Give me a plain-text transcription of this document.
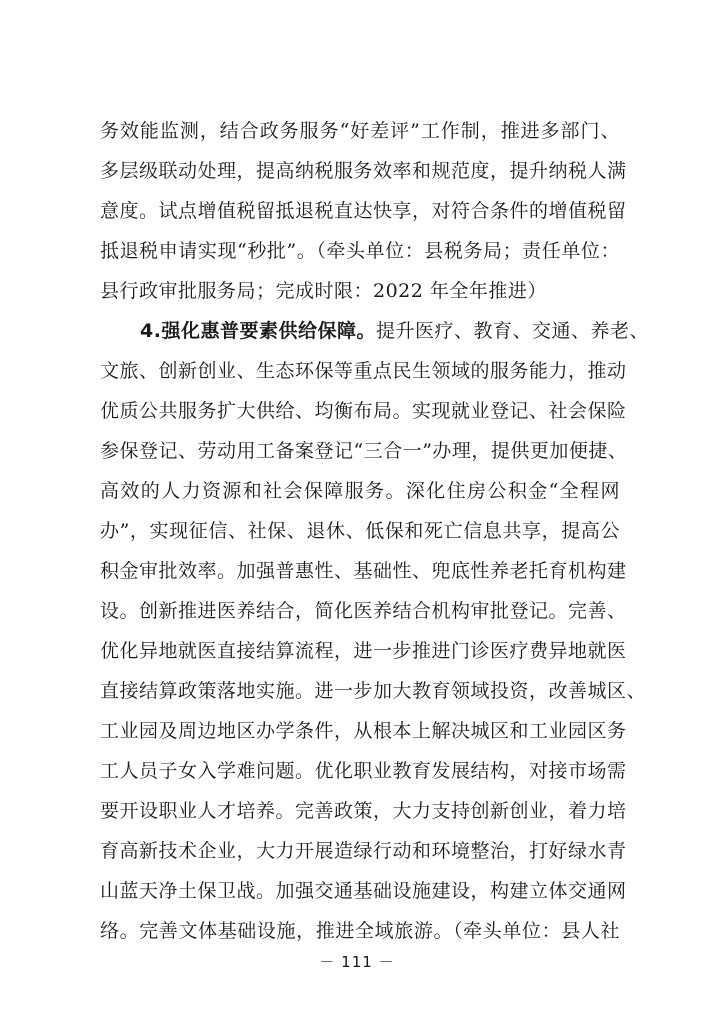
务效能监测，结合政务服务“好差评”工作制，推进多部门、
多层级联动处理，提高纳税服务效率和规范度，提升纳税人满
意度。试点增值税留抵退税直达快享，对符合条件的增值税留
抵退税申请实现“秒批”。（牵头单位：县税务局；责任单位：
县行政审批服务局；完成时限：2022 年全年推进）
4.强化惠普要素供给保障。提升医疗、教育、交通、养老、
文旅、创新创业、生态环保等重点民生领域的服务能力，推动
优质公共服务扩大供给、均衡布局。实现就业登记、社会保险
参保登记、劳动用工备案登记“三合一”办理，提供更加便捷、
高效的人力资源和社会保障服务。深化住房公积金“全程网
办”，实现征信、社保、退休、低保和死亡信息共享，提高公
积金审批效率。加强普惠性、基础性、兜底性养老托育机构建
设。创新推进医养结合，简化医养结合机构审批登记。完善、
优化异地就医直接结算流程，进一步推进门诊医疗费异地就医
直接结算政策落地实施。进一步加大教育领域投资，改善城区、
工业园及周边地区办学条件，从根本上解决城区和工业园区务
工人员子女入学难问题。优化职业教育发展结构，对接市场需
要开设职业人才培养。完善政策，大力支持创新创业，着力培
育高新技术企业，大力开展造绿行动和环境整治，打好绿水青
山蓝天净土保卫战。加强交通基础设施建设，构建立体交通网
络。完善文体基础设施，推进全域旅游。（牵头单位：县人社
－ 111 －
